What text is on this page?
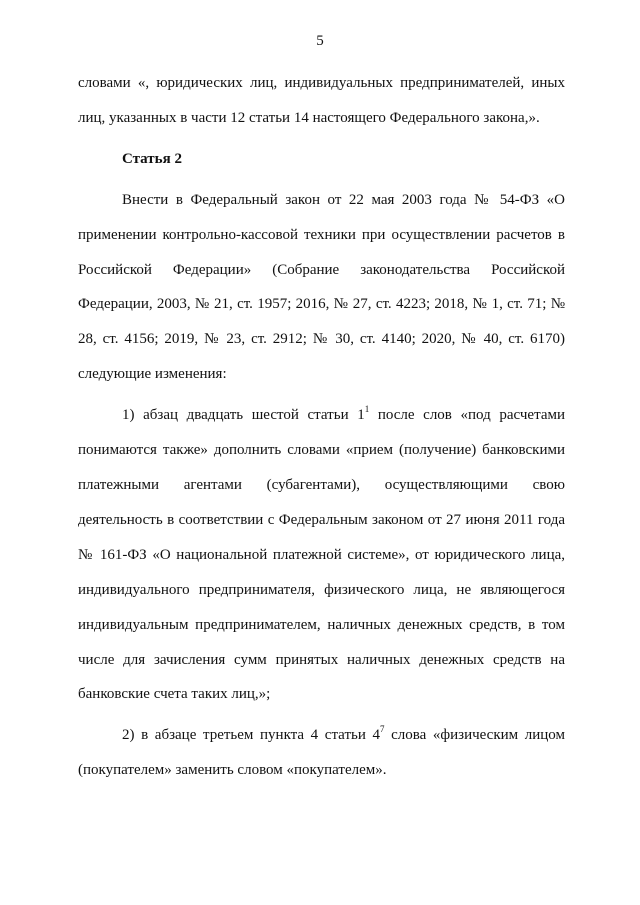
5

словами «, юридических лиц, индивидуальных предпринимателей, иных лиц, указанных в части 12 статьи 14 настоящего Федерального закона,».

Статья 2

Внести в Федеральный закон от 22 мая 2003 года № 54-ФЗ «О применении контрольно-кассовой техники при осуществлении расчетов в Российской Федерации» (Собрание законодательства Российской Федерации, 2003, № 21, ст. 1957; 2016, № 27, ст. 4223; 2018, № 1, ст. 71; № 28, ст. 4156; 2019, № 23, ст. 2912; № 30, ст. 4140; 2020, № 40, ст. 6170) следующие изменения:

1) абзац двадцать шестой статьи $1^1$ после слов «под расчетами понимаются также» дополнить словами «прием (получение) банковскими платежными агентами (субагентами), осуществляющими свою деятельность в соответствии с Федеральным законом от 27 июня 2011 года № 161-ФЗ «О национальной платежной системе», от юридического лица, индивидуального предпринимателя, физического лица, не являющегося индивидуальным предпринимателем, наличных денежных средств, в том числе для зачисления сумм принятых наличных денежных средств на банковские счета таких лиц,»;

2) в абзаце третьем пункта 4 статьи $4^7$ слова «физическим лицом (покупателем» заменить словом «покупателем».
